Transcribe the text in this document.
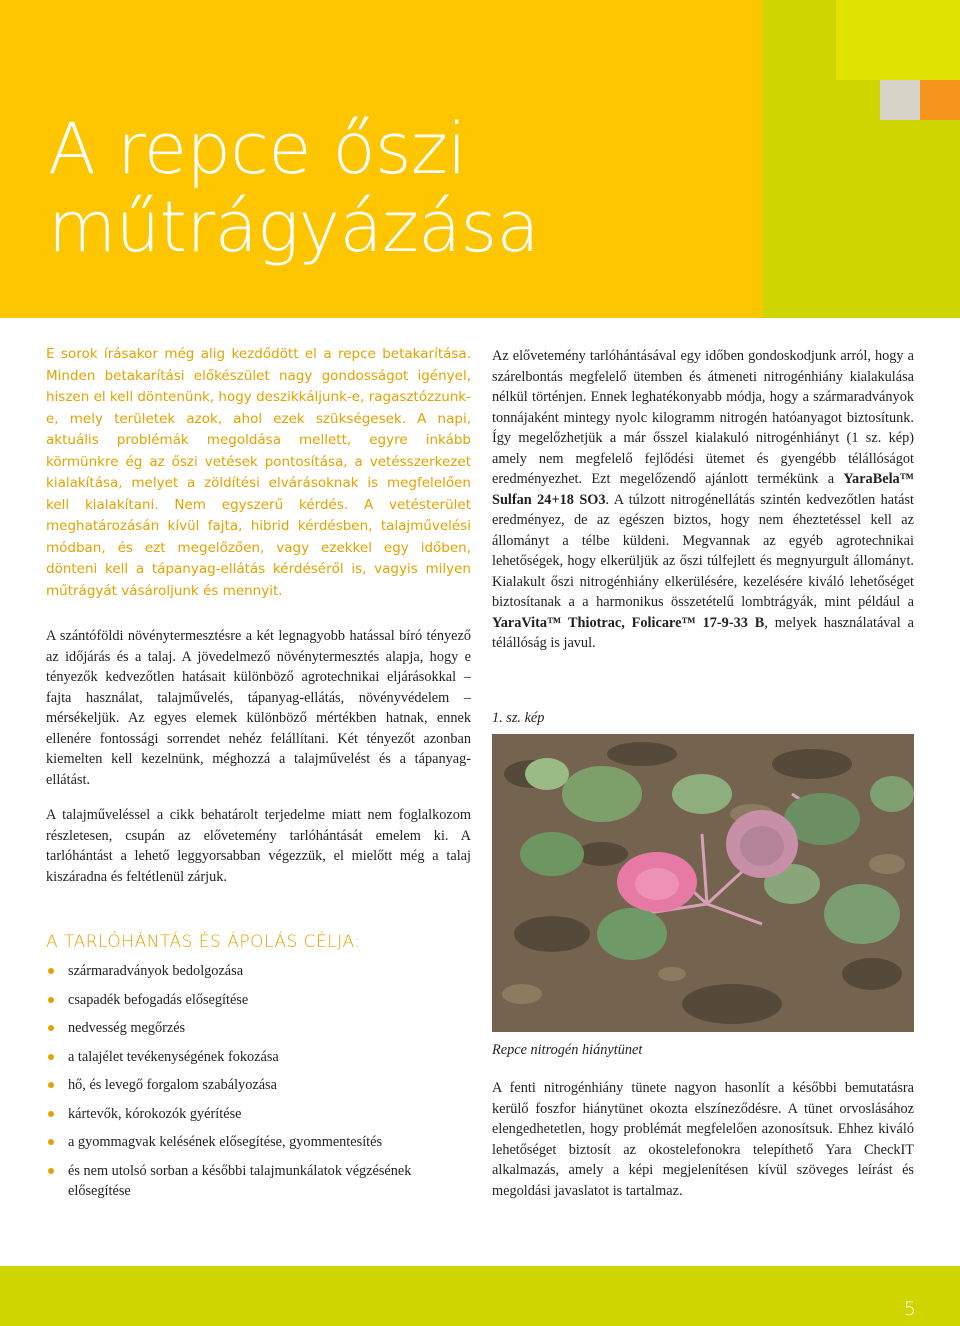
A repce őszi
műtrágyázása

E sorok írásakor még alig kezdődött el a repce betakarítása. Minden betakarítási előkészület nagy gondosságot igényel, hiszen el kell döntenünk, hogy deszikkáljunk-e, ragasztózzunk-e, mely területek azok, ahol ezek szükségesek. A napi, aktuális problémák megoldása mellett, egyre inkább körmünkre ég az őszi vetések pontosítása, a vetésszerkezet kialakítása, melyet a zöldítési elvárásoknak is megfelelően kell kialakítani. Nem egyszerű kérdés. A vetésterület meghatározásán kívül fajta, hibrid kérdésben, talajművelési módban, és ezt megelőzően, vagy ezekkel egy időben, dönteni kell a tápanyag-ellátás kérdéséről is, vagyis milyen műtrágyát vásároljunk és mennyit.

A szántóföldi növénytermesztésre a két legnagyobb hatással bíró tényező az időjárás és a talaj. A jövedelmező növénytermesztés alapja, hogy e tényezők kedvezőtlen hatásait különböző agrotechnikai eljárásokkal – fajta használat, talajművelés, tápanyag-ellátás, növényvédelem – mérsékeljük. Az egyes elemek különböző mértékben hatnak, ennek ellenére fontossági sorrendet nehéz felállítani. Két tényezőt azonban kiemelten kell kezelnünk, méghozzá a talajművelést és a tápanyag-ellátást.

A talajműveléssel a cikk behatárolt terjedelme miatt nem foglalkozom részletesen, csupán az elővetemény tarlóhántását emelem ki. A tarlóhántást a lehető leggyorsabban végezzük, el mielőtt még a talaj kiszáradna és feltétlenül zárjuk.

A TARLÓHÁNTÁS ÉS ÁPOLÁS CÉLJA:
szármaradványok bedolgozása
csapadék befogadás elősegítése
nedvesség megőrzés
a talajélet tevékenységének fokozása
hő, és levegő forgalom szabályozása
kártevők, kórokozók gyérítése
a gyommagvak kelésének elősegítése, gyommentesítés
és nem utolsó sorban a későbbi talajmunkálatok végzésének elősegítése

Az elővetemény tarlóhántásával egy időben gondoskodjunk arról, hogy a szárelbontás megfelelő ütemben és átmeneti nitrogénhiány kialakulása nélkül történjen. Ennek leghatékonyabb módja, hogy a szármaradványok tonnájaként mintegy nyolc kilogramm nitrogén hatóanyagot biztosítunk. Így megelőzhetjük a már ősszel kialakuló nitrogénhiányt (1 sz. kép) amely nem megfelelő fejlődési ütemet és gyengébb télállóságot eredményezhet. Ezt megelőzendő ajánlott termékünk a YaraBela™ Sulfan 24+18 SO3. A túlzott nitrogénellátás szintén kedvezőtlen hatást eredményez, de az egészen biztos, hogy nem éheztetéssel kell az állományt a télbe küldeni. Megvannak az egyéb agrotechnikai lehetőségek, hogy elkerüljük az őszi túlfejlett és megnyurgult állományt. Kialakult őszi nitrogénhiány elkerülésére, kezelésére kiváló lehetőséget biztosítanak a a harmonikus összetételű lombtrágyák, mint például a YaraVita™ Thiotrac, Folicare™ 17-9-33 B, melyek használatával a télállóság is javul.

1. sz. kép

Repce nitrogén hiánytünet

A fenti nitrogénhiány tünete nagyon hasonlít a későbbi bemutatásra kerülő foszfor hiánytünet okozta elszíneződésre. A tünet orvoslásához elengedhetetlen, hogy problémát megfelelően azonosítsuk. Ehhez kiváló lehetőséget biztosít az okostelefonokra telepíthető Yara CheckIT alkalmazás, amely a képi megjelenítésen kívül szöveges leírást és megoldási javaslatot is tartalmaz.

5
